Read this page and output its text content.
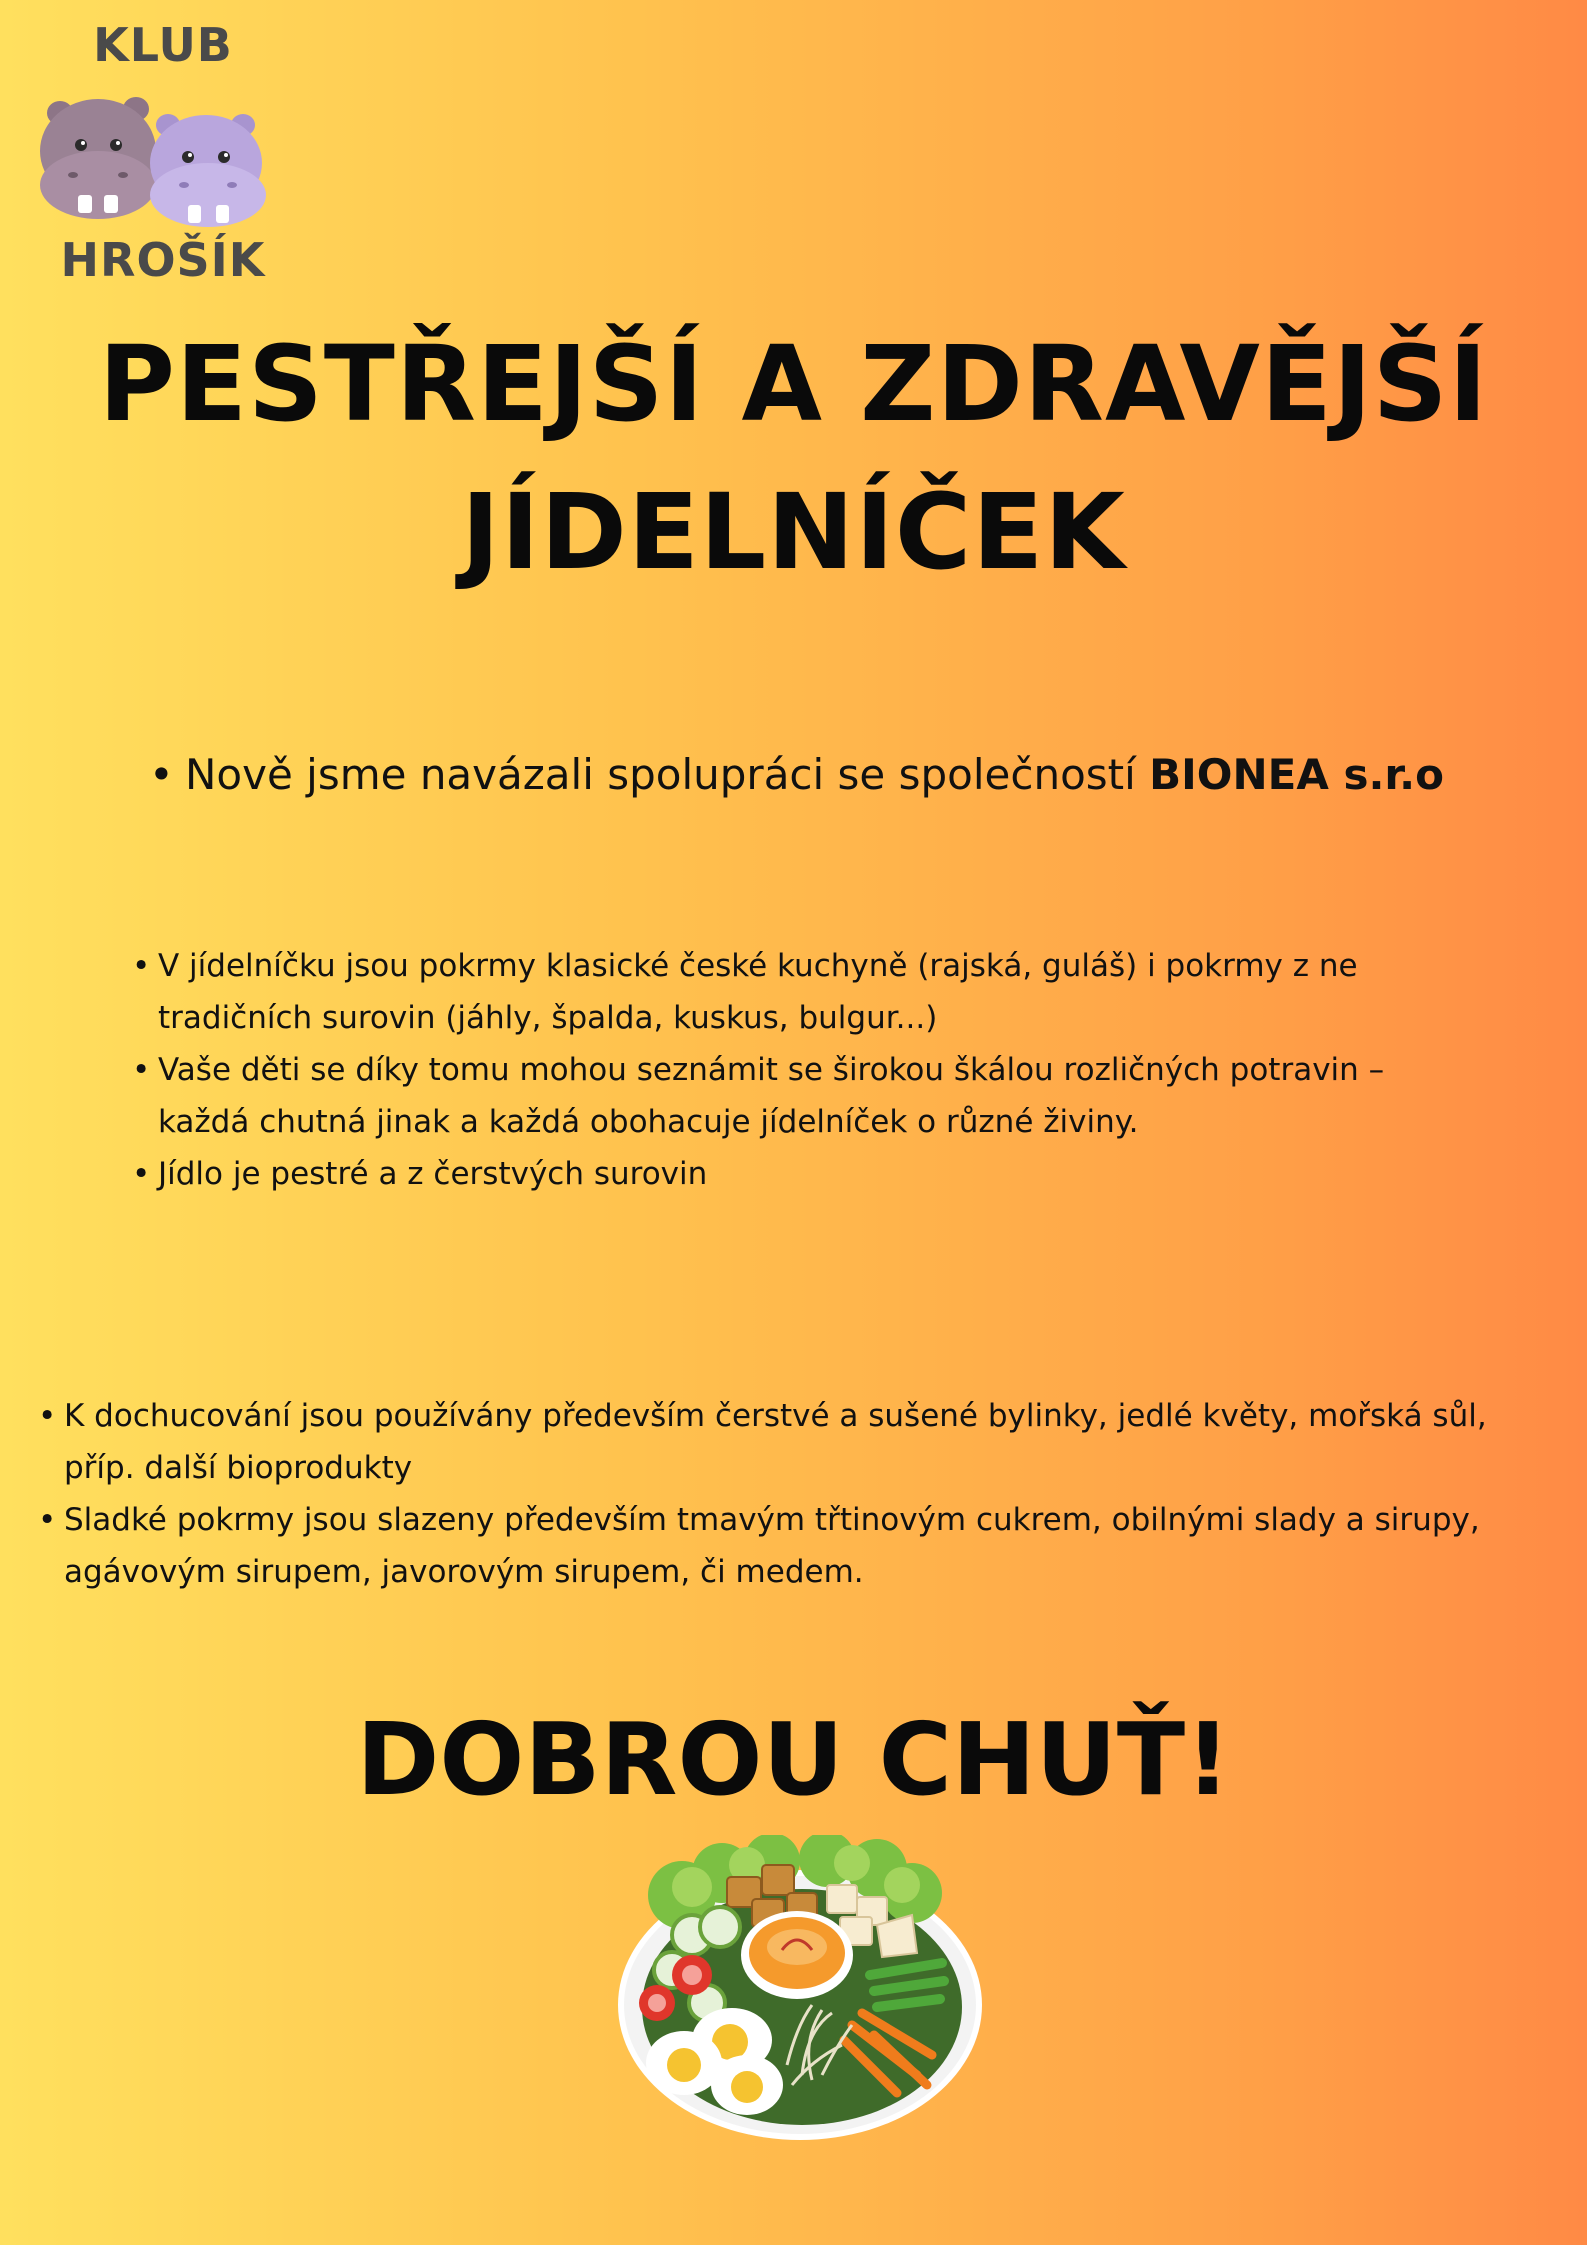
KLUB
HROŠÍK
PESTŘEJŠÍ A ZDRAVĚJŠÍ
JÍDELNÍČEK
• Nově jsme navázali spolupráci se společností BIONEA s.r.o
• V jídelníčku jsou pokrmy klasické české kuchyně (rajská, guláš) i pokrmy z ne tradičních surovin (jáhly, špalda, kuskus, bulgur...)
• Vaše děti se díky tomu mohou seznámit se širokou škálou rozličných potravin – každá chutná jinak a každá obohacuje jídelníček o různé živiny.
• Jídlo je pestré a z čerstvých surovin
• K dochucování jsou používány především čerstvé a sušené bylinky, jedlé květy, mořská sůl, příp. další bioprodukty
• Sladké pokrmy jsou slazeny především tmavým třtinovým cukrem, obilnými slady a sirupy, agávovým sirupem, javorovým sirupem, či medem.
DOBROU CHUŤ!
